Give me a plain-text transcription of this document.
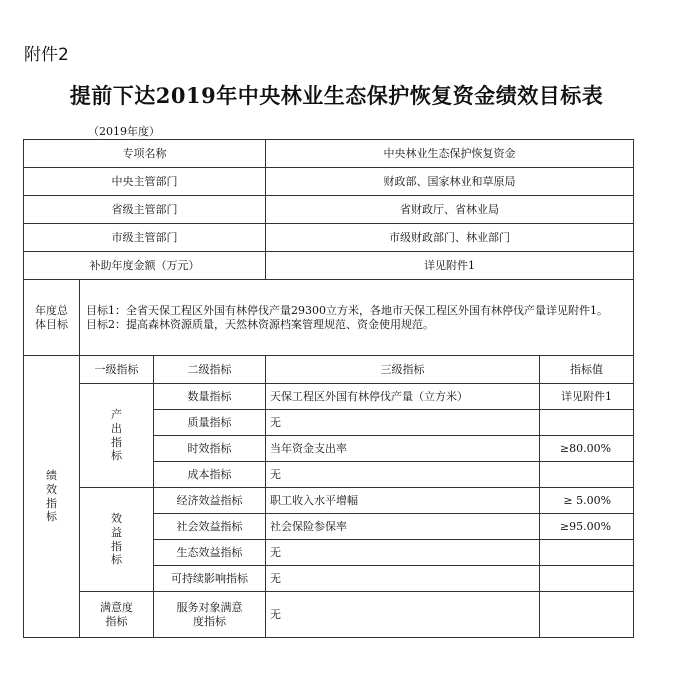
附件2
提前下达2019年中央林业生态保护恢复资金绩效目标表
（2019年度）
专项名称			中央林业生态保护恢复资金	
中央主管部门			财政部、国家林业和草原局	
省级主管部门			省财政厅、省林业局	
市级主管部门			市级财政部门、林业部门	
补助年度金额（万元）			详见附件1	

年度总体目标	目标1：全省天保工程区外国有林停伐产量29300立方米，各地市天保工程区外国有林停伐产量详见附件1。
目标2：提高森林资源质量，天然林资源档案管理规范、资金使用规范。			

绩效指标	一级指标	二级指标	三级指标	指标值

	产出指标	数量指标	天保工程区外国有林停伐产量（立方米）	详见附件1
		质量指标	无	
		时效指标	当年资金支出率	≥80.00%
		成本指标	无	

	效益指标	经济效益指标	职工收入水平增幅	≥ 5.00%
		社会效益指标	社会保险参保率	≥95.00%
		生态效益指标	无	
		可持续影响指标	无	

	满意度指标	服务对象满意度指标	无	
